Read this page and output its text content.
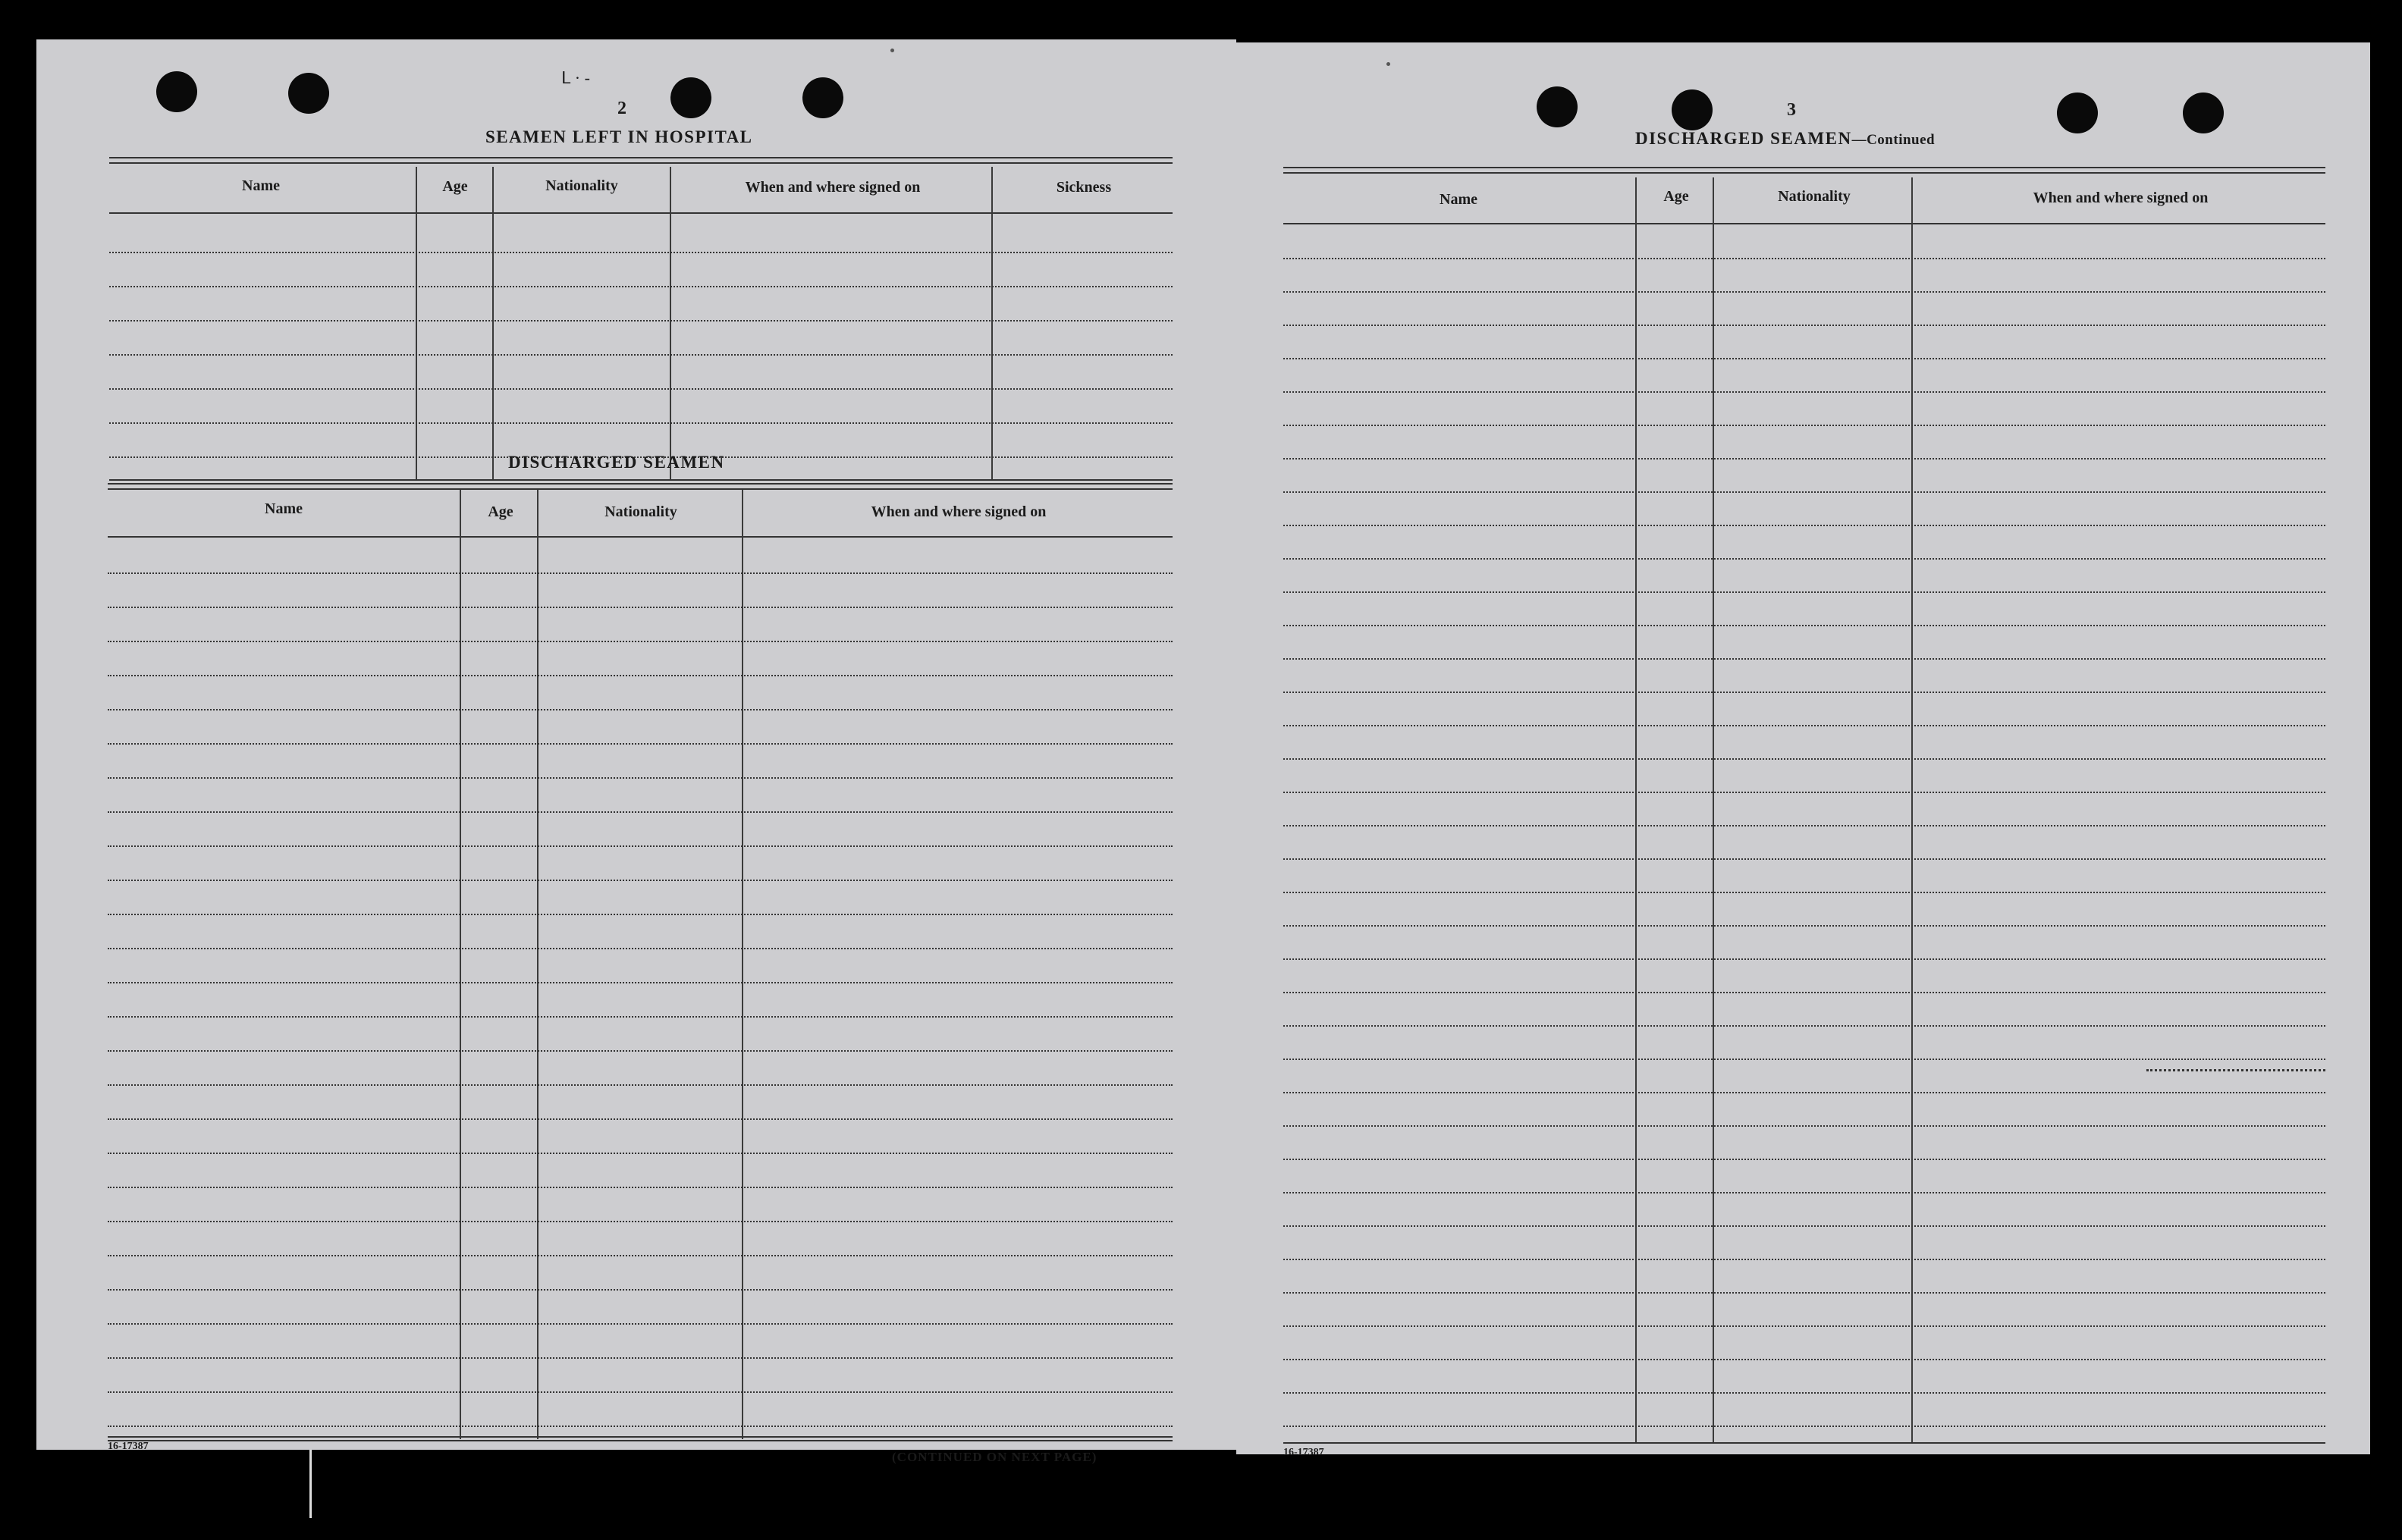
ᒪ · -
2
SEAMEN LEFT IN HOSPITAL
Name	Age	Nationality	When and where signed on	Sickness
DISCHARGED SEAMEN
Name	Age	Nationality	When and where signed on
16-17387
(CONTINUED ON NEXT PAGE)
3
DISCHARGED SEAMEN—Continued
Name	Age	Nationality	When and where signed on
16-17387
